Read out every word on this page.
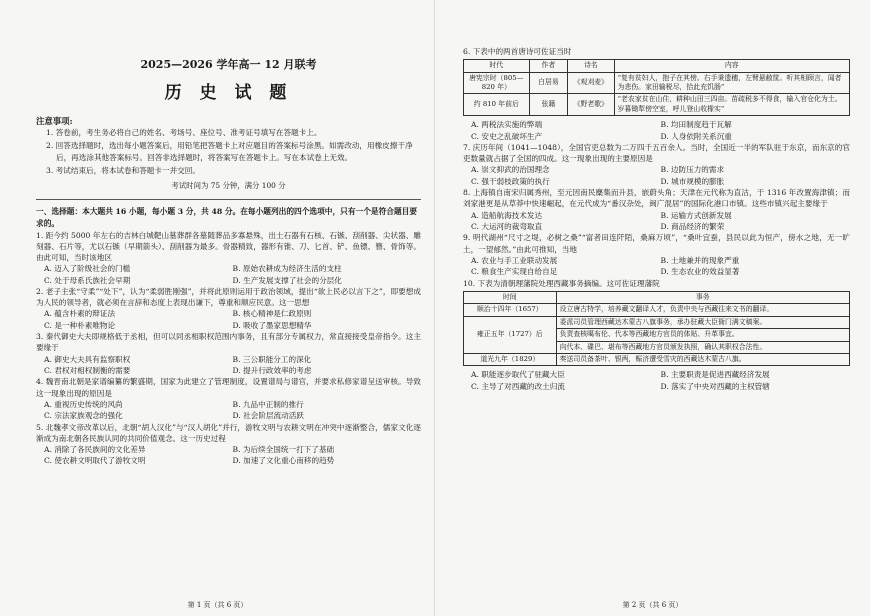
2025—2026 学年高一 12 月联考
历 史 试 题
注意事项:
1. 答卷前，考生务必将自己的姓名、考场号、座位号、准考证号填写在答题卡上。
2. 回答选择题时，选出每小题答案后，用铅笔把答题卡上对应题目的答案标号涂黑。如需改动，用橡皮擦干净后，再选涂其他答案标号。回答非选择题时，将答案写在答题卡上。写在本试卷上无效。
3. 考试结束后，将本试卷和答题卡一并交回。
考试时间为 75 分钟，满分 100 分
一、选择题：本大题共 16 小题，每小题 3 分，共 48 分。在每小题列出的四个选项中，只有一个是符合题目要求的。
1. 距今约 5000 年左右的吉林白城靶山墓葬群各墓随葬品多寡悬殊，出土石器有石核、石镞、刮削器、尖状器、雕刻器、石片等，尤以石镞（早期箭头）、刮削器为最多。骨器精致，器形有锥、刀、匕首、铲、鱼镖、簪、骨饰等。由此可知，当时该地区
A. 迈入了阶级社会的门槛	B. 原始农耕成为经济生活的支柱
C. 处于母系氏族社会早期	D. 生产发展支撑了社会的分层化
2. 老子主张“守柔”“处下”，认为“柔弱胜刚强”，并将此原则运用于政治领域，提出“欲上民必以言下之”，即要想成为人民的领导者，就必须在言辞和态度上表现出谦下，尊重和顺应民意。这一思想
A. 蕴含朴素的辩证法	B. 核心精神是仁政原则
C. 是一种朴素唯物论	D. 吸收了墨家思想精华
3. 秦代御史大夫即规格低于丞相，但可以同丞相职权范围内事务，且有部分专属权力，常直接接受皇帝指令。这主要缘于
A. 御史大夫具有监察职权	B. 三公职能分工的深化
C. 君权对相权制衡的需要	D. 提升行政效率的考虑
4. 魏晋南北朝是家谱编纂的繁盛期，国家为此建立了管理制度，设置谱局与谱官，并要求私修家谱呈送审核。导致这一现象出现的原因是
A. 重视历史传统的风尚	B. 九品中正制的推行
C. 宗法家族观念的强化	D. 社会阶层流动活跃
5. 北魏孝文帝改革以后，北朝“胡人汉化”与“汉人胡化”并行，游牧文明与农耕文明在冲突中逐渐整合，儒家文化逐渐成为南北朝各民族认同的共同价值观念。这一历史过程
A. 消除了各民族间的文化差异	B. 为后续全国统一打下了基础
C. 使农耕文明取代了游牧文明	D. 加速了文化重心南移的趋势
第 1 页（共 6 页）
6. 下表中的两首唐诗可佐证当时
时代	作者	诗名	内容
唐宪宗时（805—820 年）	白居易	《观刈麦》	“复有贫妇人，抱子在其傍。右手秉遗穗，左臂悬敝筐。听其相顾言，闻者为悲伤。家田输税尽，拾此充饥肠”
约 810 年前后	张籍	《野老歌》	“老农家贫在山住，耕种山田三四亩。苗疏税多不得食，输入官仓化为土。岁暮锄犁傍空室，呼儿登山收橡实”
A. 两税法实施的弊端	B. 均田制度趋于瓦解
C. 安史之乱破坏生产	D. 人身依附关系沉重
7. 庆历年间（1041—1048），全国官吏总数为二万四千五百余人。当时，全国近一半的军队驻于东京，而东京的官吏数量就占据了全国的四成。这一现象出现的主要原因是
A. 崇文抑武的治国理念	B. 边防压力的需求
C. 强干弱枝政策的执行	D. 城市规模的膨胀
8. 上海镇自南宋归属秀州，至元因南民麇集而升县，嵌蔚头角；天津在元代称为直沽，于 1316 年改置海津镇；而刘家港更是从草莽中快速崛起，在元代成为“番汉杂处，闽广混居”的国际化港口市镇。这些市镇兴起主要缘于
A. 造船航海技术发达	B. 运输方式创新发展
C. 大运河的裁弯取直	D. 商品经济的繁荣
9. 明代湖州“尺寸之堤，必树之桑”“富者田连阡陌，桑麻万顷”，“桑叶宜蚕，县民以此为恒产，傍水之地，无一旷土，一望郁然。”由此可推知，当地
A. 农业与手工业联动发展	B. 土地兼并的现象严重
C. 粮食生产实现自给自足	D. 生态农业的效益显著
10. 下表为清朝理藩院处理西藏事务摘编。这可佐证理藩院
时间	事务
顺治十四年（1657）	设立唐古特学，培养藏文翻译人才，负责中央与西藏往来文书的翻译。
雍正五年（1727）后	委派司员管理西藏达木蒙古八旗事务，承办驻藏大臣衙门满文稿案。
	负责查核噶布伦、代本等西藏地方官员的体贴、升革事宜。
	向代本、碟巴、堪布等西藏地方官员颁发执照，确认其职权合法性。
道光九年（1829）	奏送司员备茶叶、银两，赈济遭受雪灾的西藏达木蒙古八旗。
A. 职能逐步取代了驻藏大臣	B. 主要职责是促进西藏经济发展
C. 主导了对西藏的改土归流	D. 落实了中央对西藏的主权管辖
第 2 页（共 6 页）
